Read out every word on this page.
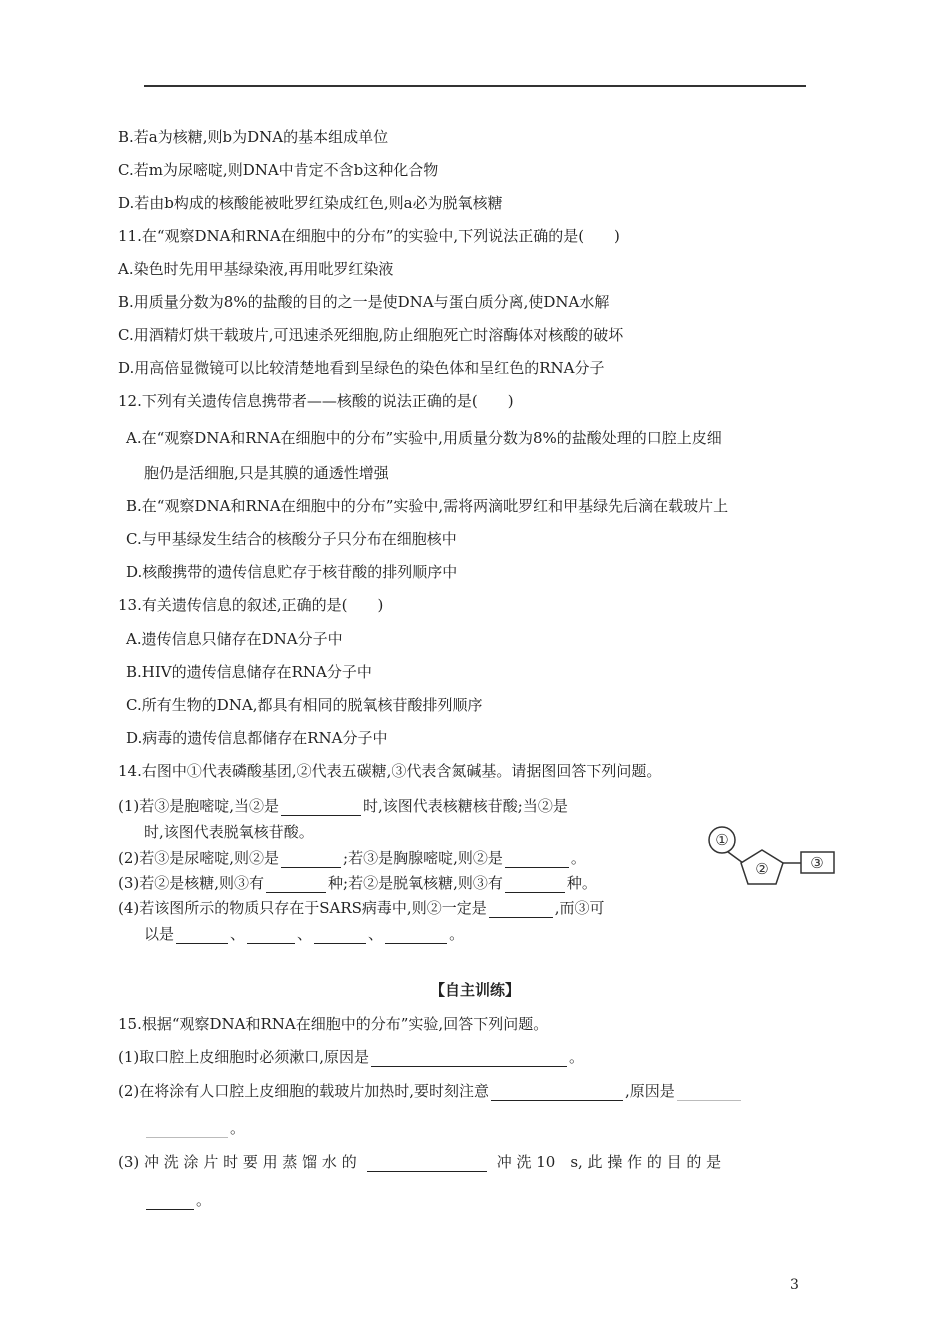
B.若a为核糖,则b为DNA的基本组成单位
C.若m为尿嘧啶,则DNA中肯定不含b这种化合物
D.若由b构成的核酸能被吡罗红染成红色,则a必为脱氧核糖
11.在“观察DNA和RNA在细胞中的分布”的实验中,下列说法正确的是(　　)
A.染色时先用甲基绿染液,再用吡罗红染液
B.用质量分数为8%的盐酸的目的之一是使DNA与蛋白质分离,使DNA水解
C.用酒精灯烘干载玻片,可迅速杀死细胞,防止细胞死亡时溶酶体对核酸的破坏
D.用高倍显微镜可以比较清楚地看到呈绿色的染色体和呈红色的RNA分子
12.下列有关遗传信息携带者——核酸的说法正确的是(　　)
A.在“观察DNA和RNA在细胞中的分布”实验中,用质量分数为8%的盐酸处理的口腔上皮细
胞仍是活细胞,只是其膜的通透性增强
B.在“观察DNA和RNA在细胞中的分布”实验中,需将两滴吡罗红和甲基绿先后滴在载玻片上
C.与甲基绿发生结合的核酸分子只分布在细胞核中
D.核酸携带的遗传信息贮存于核苷酸的排列顺序中
13.有关遗传信息的叙述,正确的是(　　)
A.遗传信息只储存在DNA分子中
B.HIV的遗传信息储存在RNA分子中
C.所有生物的DNA,都具有相同的脱氧核苷酸排列顺序
D.病毒的遗传信息都储存在RNA分子中
14.右图中①代表磷酸基团,②代表五碳糖,③代表含氮碱基。请据图回答下列问题。
(1)若③是胞嘧啶,当②是	时,该图代表核糖核苷酸;当②是
时,该图代表脱氧核苷酸。
(2)若③是尿嘧啶,则②是	;若③是胸腺嘧啶,则②是	。
(3)若②是核糖,则③有	种;若②是脱氧核糖,则③有	种。
(4)若该图所示的物质只存在于SARS病毒中,则②一定是	,而③可
以是	、	、	、	。
①
②	③
【自主训练】
15.根据“观察DNA和RNA在细胞中的分布”实验,回答下列问题。
(1)取口腔上皮细胞时必须漱口,原因是	。
(2)在将涂有人口腔上皮细胞的载玻片加热时,要时刻注意	,原因是
。
(3) 冲 洗 涂 片 时 要 用 蒸 馏 水 的	冲 洗 10　s, 此 操 作 的 目 的 是
。
3
